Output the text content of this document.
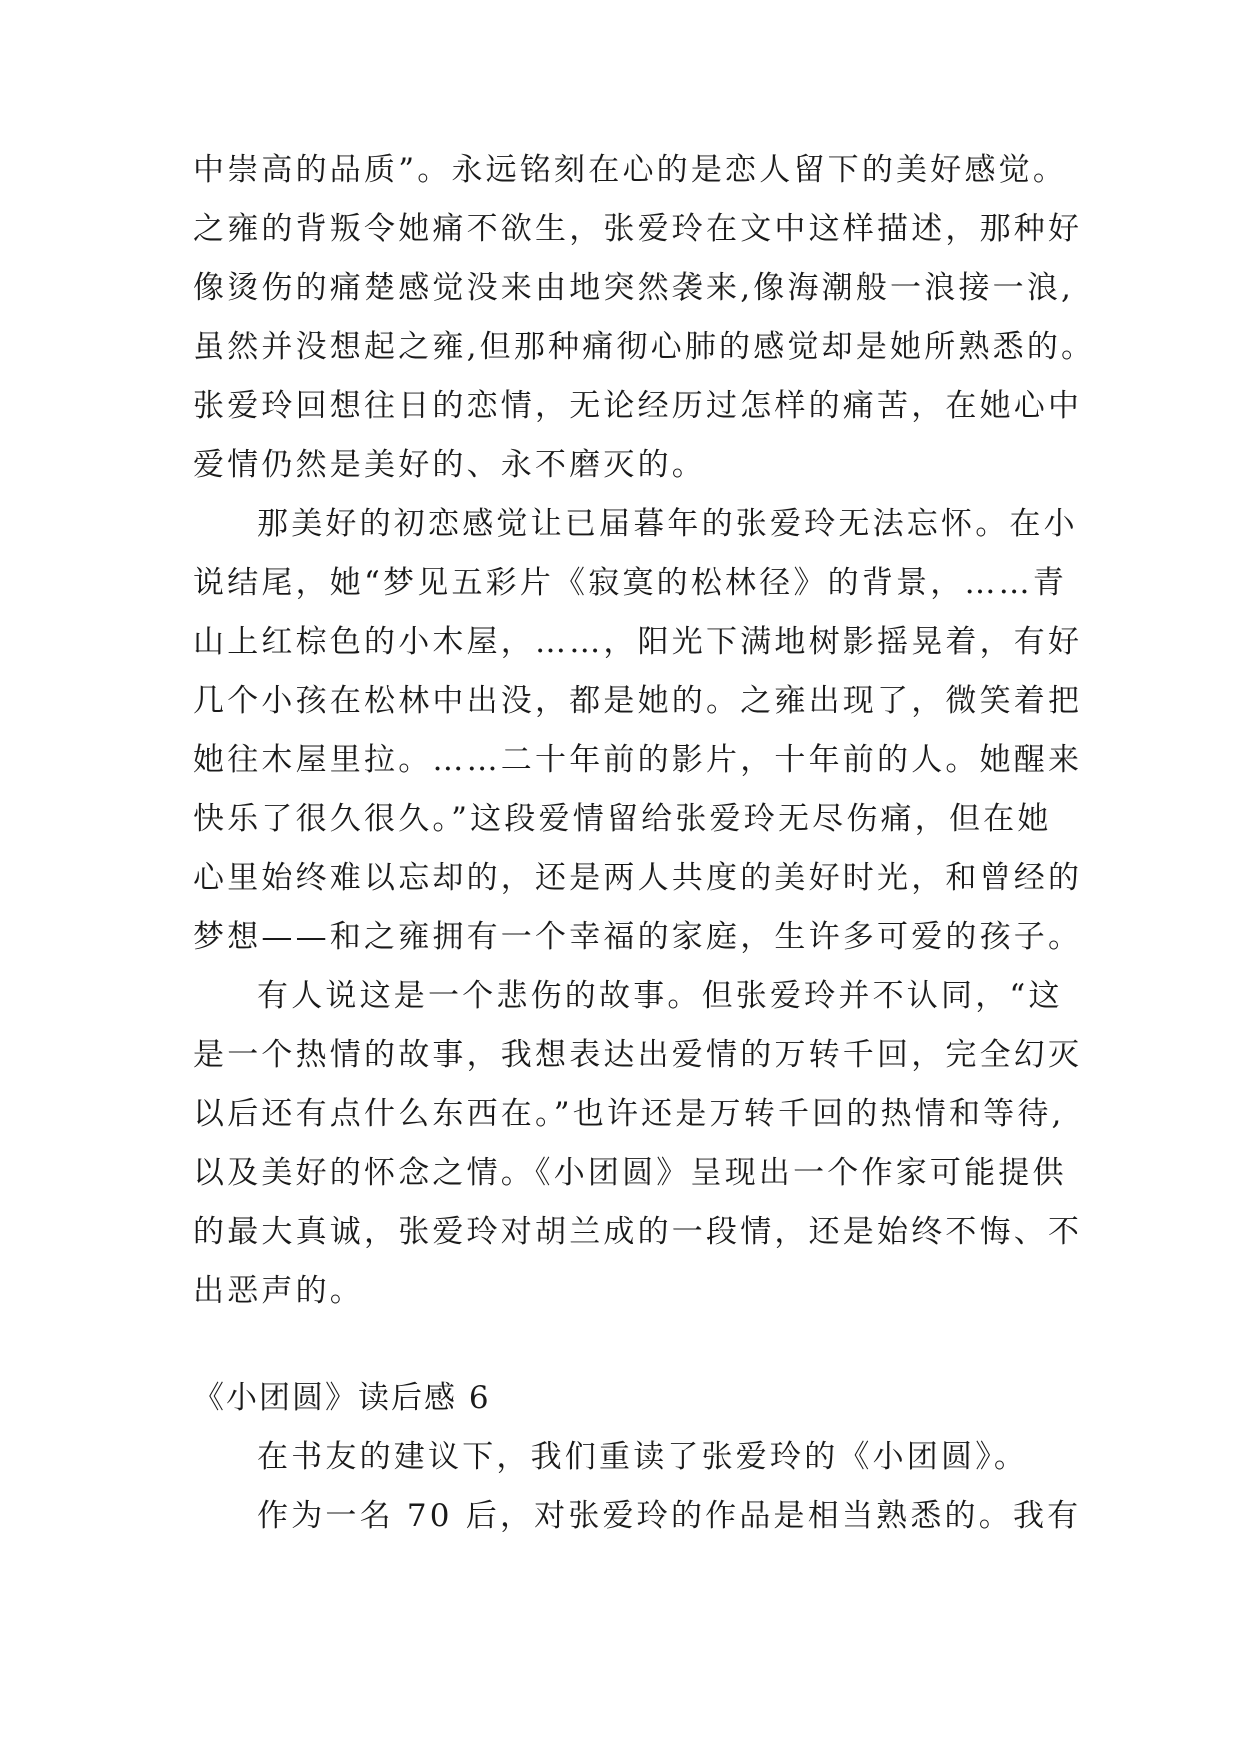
中崇高的品质”。永远铭刻在心的是恋人留下的美好感觉。

之雍的背叛令她痛不欲生，张爱玲在文中这样描述，那种好

像烫伤的痛楚感觉没来由地突然袭来,像海潮般一浪接一浪,

虽然并没想起之雍,但那种痛彻心肺的感觉却是她所熟悉的。

张爱玲回想往日的恋情，无论经历过怎样的痛苦，在她心中

爱情仍然是美好的、永不磨灭的。

那美好的初恋感觉让已届暮年的张爱玲无法忘怀。在小

说结尾，她“梦见五彩片《寂寞的松林径》的背景，……青

山上红棕色的小木屋，……，阳光下满地树影摇晃着，有好

几个小孩在松林中出没，都是她的。之雍出现了，微笑着把

她往木屋里拉。……二十年前的影片，十年前的人。她醒来

快乐了很久很久。”这段爱情留给张爱玲无尽伤痛，但在她

心里始终难以忘却的，还是两人共度的美好时光，和曾经的

梦想——和之雍拥有一个幸福的家庭，生许多可爱的孩子。

有人说这是一个悲伤的故事。但张爱玲并不认同，“这

是一个热情的故事，我想表达出爱情的万转千回，完全幻灭

以后还有点什么东西在。”也许还是万转千回的热情和等待,

以及美好的怀念之情。《小团圆》呈现出一个作家可能提供

的最大真诚，张爱玲对胡兰成的一段情，还是始终不悔、不

出恶声的。

《小团圆》读后感 6

在书友的建议下，我们重读了张爱玲的《小团圆》。

作为一名 70 后，对张爱玲的作品是相当熟悉的。我有
